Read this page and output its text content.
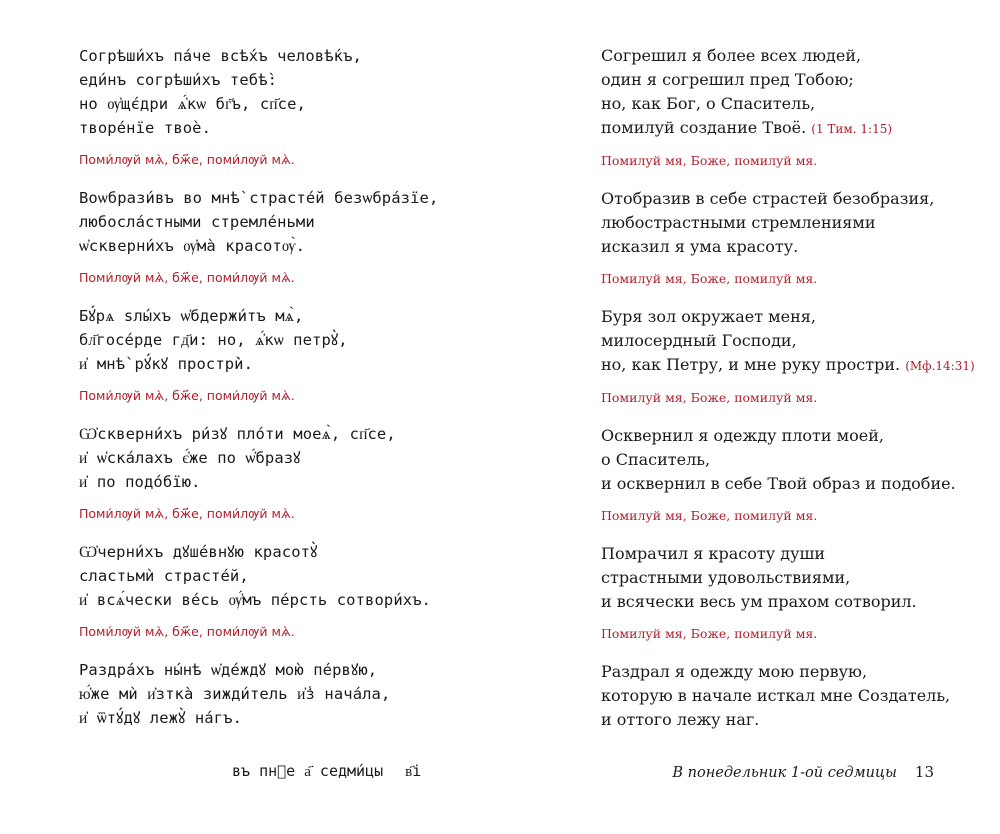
Согрѣши́хъ па́че всѣ́хъ человѣ́къ,
еди́нъ согрѣши́хъ тебѣ̀:
но ѹ҆щє́дри ѧ҆́кѡ бг҃ъ, сп҃се,
творе́нїе твоѐ.
Поми́лѹй мѧ̀, бж҃е, поми́лѹй мѧ̀.
Воѡбрази́въ во мнѣ̀ страсте́й безѡбра́зїе,
любосла́стными стремле́ньми
ѡ҆скверни́хъ ѹ҆ма̀ красотѹ̀.
Поми́лѹй мѧ̀, бж҃е, поми́лѹй мѧ̀.
Бꙋ́рѧ ѕлы́хъ ѡ҆бдержи́тъ мѧ̀,
бл҃госе́рде гд҃и: но, ѧ҆́кѡ петрꙋ̀,
и҆ мнѣ̀ рꙋ́кꙋ простри̇̀.
Поми́лѹй мѧ̀, бж҃е, поми́лѹй мѧ̀.
Ѡ҆скверни́хъ ри́зꙋ пло́ти моеѧ̀, сп҃се,
и҆ ѡ҆ска́лахъ є҆́же по ѡ҆́бразꙋ
и҆ по подо́бїю.
Поми́лѹй мѧ̀, бж҃е, поми́лѹй мѧ̀.
Ѡ҆черни́хъ дꙋше́внꙋю красотꙋ̀
сластьмѝ страсте́й,
и҆ всѧ́чески ве́сь ѹ҆́мъ пе́рсть сотвори́хъ.
Поми́лѹй мѧ̀, бж҃е, поми́лѹй мѧ̀.
Раздра́хъ ны́нѣ ѡ҆де́ждꙋ мою̀ пе́рвꙋю,
ю҆́же мѝ и҆зтка̀ зижди́тель и҆з̾ нача́ла,
и҆ ѿтꙋ́дꙋ лежꙋ̀ на́гъ.
въ пнⷣе а҃ седми́цы в҃і
Согрешил я более всех людей,
один я согрешил пред Тобою;
но, как Бог, о Спаситель,
помилуй создание Твоё. (1 Тим. 1:15)
Помилуй мя, Боже, помилуй мя.
Отобразив в себе страстей безобразия,
любострастными стремлениями
исказил я ума красоту.
Помилуй мя, Боже, помилуй мя.
Буря зол окружает меня,
милосердный Господи,
но, как Петру, и мне руку простри. (Мф.14:31)
Помилуй мя, Боже, помилуй мя.
Осквернил я одежду плоти моей,
о Спаситель,
и осквернил в себе Твой образ и подобие.
Помилуй мя, Боже, помилуй мя.
Помрачил я красоту души
страстными удовольствиями,
и всячески весь ум прахом сотворил.
Помилуй мя, Боже, помилуй мя.
Раздрал я одежду мою первую,
которую в начале исткал мне Создатель,
и оттого лежу наг.
В понедельник 1-ой седмицы 13
